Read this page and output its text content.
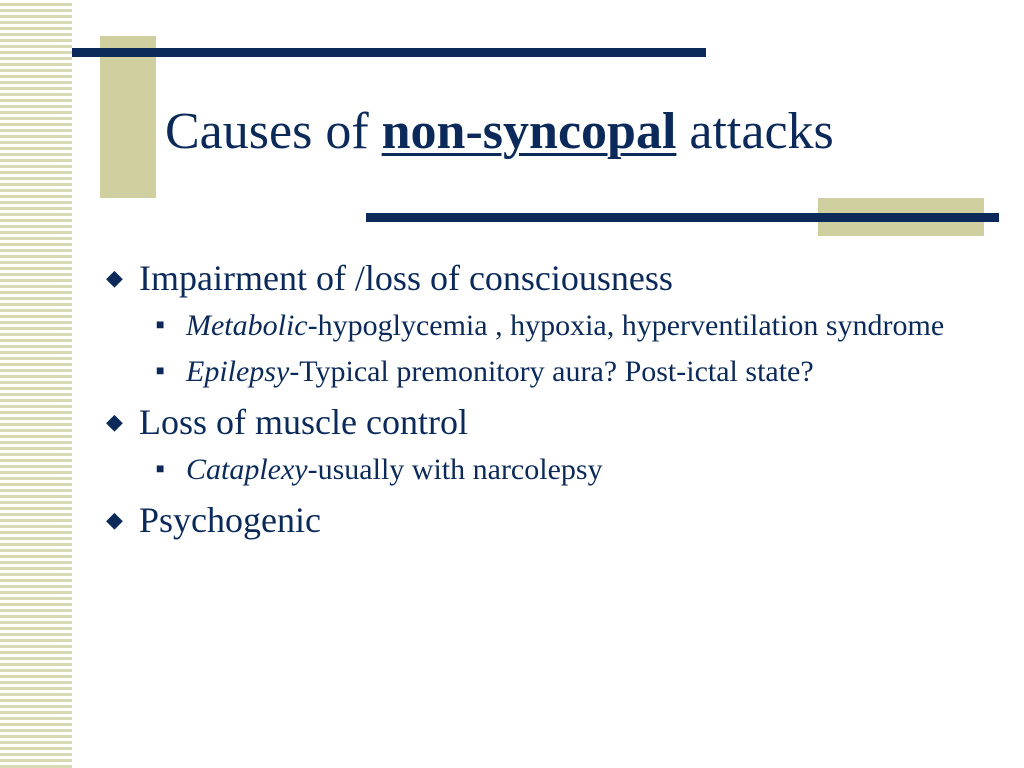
Causes of non-syncopal attacks
◆ Impairment of /loss of consciousness
■ Metabolic-hypoglycemia , hypoxia, hyperventilation syndrome
■ Epilepsy-Typical premonitory aura? Post-ictal state?
◆ Loss of muscle control
■ Cataplexy-usually with narcolepsy
◆ Psychogenic
